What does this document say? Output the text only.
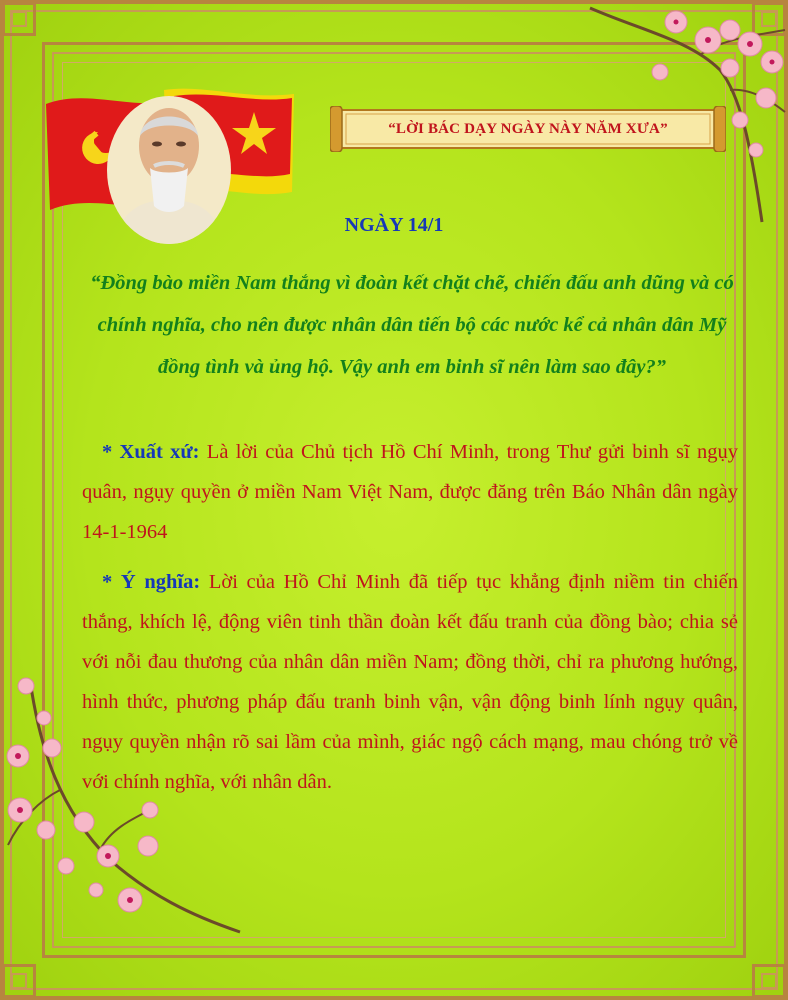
“LỜI BÁC DẠY NGÀY NÀY NĂM XƯA”
NGÀY 14/1
“Đồng bào miền Nam thắng vì đoàn kết chặt chẽ, chiến đấu anh dũng và có chính nghĩa, cho nên được nhân dân tiến bộ các nước kể cả nhân dân Mỹ đồng tình và ủng hộ. Vậy anh em binh sĩ nên làm sao đây?”
* Xuất xứ: Là lời của Chủ tịch Hồ Chí Minh, trong Thư gửi binh sĩ ngụy quân, ngụy quyền ở miền Nam Việt Nam, được đăng trên Báo Nhân dân ngày 14-1-1964
* Ý nghĩa: Lời của Hồ Chỉ Minh đã tiếp tục khẳng định niềm tin chiến thắng, khích lệ, động viên tinh thần đoàn kết đấu tranh của đồng bào; chia sẻ với nỗi đau thương của nhân dân miền Nam; đồng thời, chỉ ra phương hướng, hình thức, phương pháp đấu tranh binh vận, vận động binh lính ngụy quân, ngụy quyền nhận rõ sai lầm của mình, giác ngộ cách mạng, mau chóng trở về với chính nghĩa, với nhân dân.
